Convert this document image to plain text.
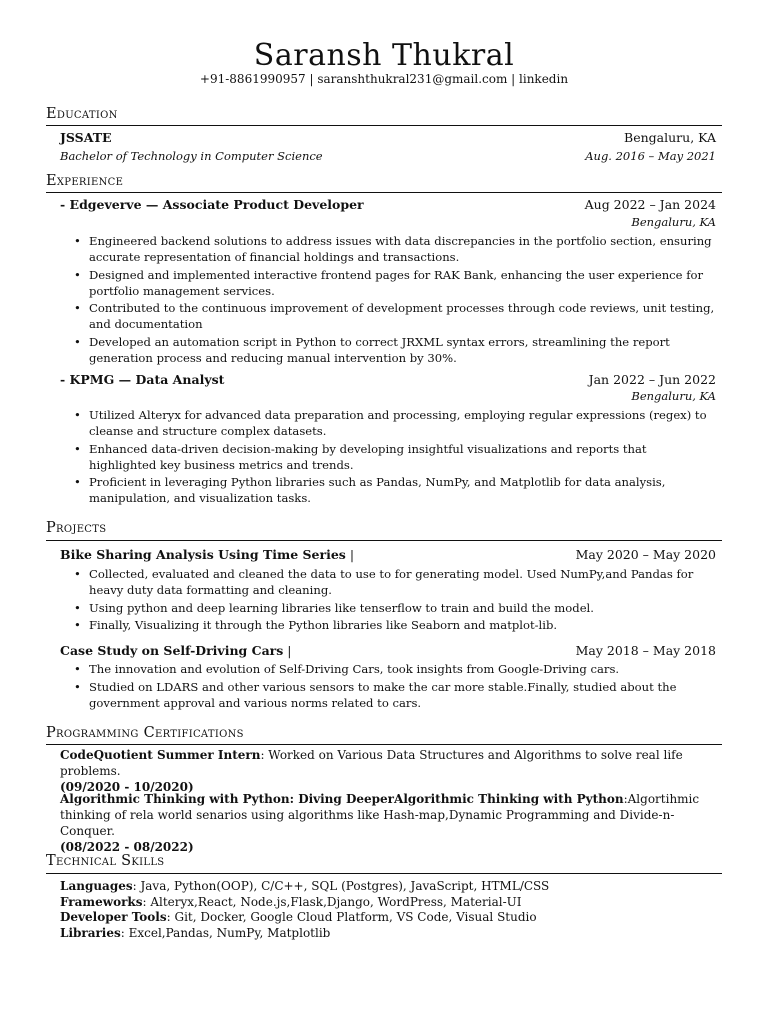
Saransh Thukral
+91-8861990957 | saranshthukral231@gmail.com | linkedin
Education
JSSATE	Bengaluru, KA
Bachelor of Technology in Computer Science	Aug. 2016 – May 2021
Experience
- Edgeverve — Associate Product Developer	Aug 2022 – Jan 2024
Bengaluru, KA
• Engineered backend solutions to address issues with data discrepancies in the portfolio section, ensuring accurate representation of financial holdings and transactions.
• Designed and implemented interactive frontend pages for RAK Bank, enhancing the user experience for portfolio management services.
• Contributed to the continuous improvement of development processes through code reviews, unit testing, and documentation
• Developed an automation script in Python to correct JRXML syntax errors, streamlining the report generation process and reducing manual intervention by 30%.
- KPMG — Data Analyst	Jan 2022 – Jun 2022
Bengaluru, KA
• Utilized Alteryx for advanced data preparation and processing, employing regular expressions (regex) to cleanse and structure complex datasets.
• Enhanced data-driven decision-making by developing insightful visualizations and reports that highlighted key business metrics and trends.
• Proficient in leveraging Python libraries such as Pandas, NumPy, and Matplotlib for data analysis, manipulation, and visualization tasks.
Projects
Bike Sharing Analysis Using Time Series |	May 2020 – May 2020
• Collected, evaluated and cleaned the data to use to for generating model. Used NumPy,and Pandas for heavy duty data formatting and cleaning.
• Using python and deep learning libraries like tenserflow to train and build the model.
• Finally, Visualizing it through the Python libraries like Seaborn and matplot-lib.
Case Study on Self-Driving Cars |	May 2018 – May 2018
• The innovation and evolution of Self-Driving Cars, took insights from Google-Driving cars.
• Studied on LDARS and other various sensors to make the car more stable.Finally, studied about the government approval and various norms related to cars.
Programming Certifications
CodeQuotient Summer Intern: Worked on Various Data Structures and Algorithms to solve real life problems.
(09/2020 - 10/2020)
Algorithmic Thinking with Python: Diving DeeperAlgorithmic Thinking with Python:Algortihmic thinking of rela world senarios using algorithms like Hash-map,Dynamic Programming and Divide-n-Conquer.
(08/2022 - 08/2022)
Technical Skills
Languages: Java, Python(OOP), C/C++, SQL (Postgres), JavaScript, HTML/CSS
Frameworks: Alteryx,React, Node.js,Flask,Django, WordPress, Material-UI
Developer Tools: Git, Docker, Google Cloud Platform, VS Code, Visual Studio
Libraries: Excel,Pandas, NumPy, Matplotlib
